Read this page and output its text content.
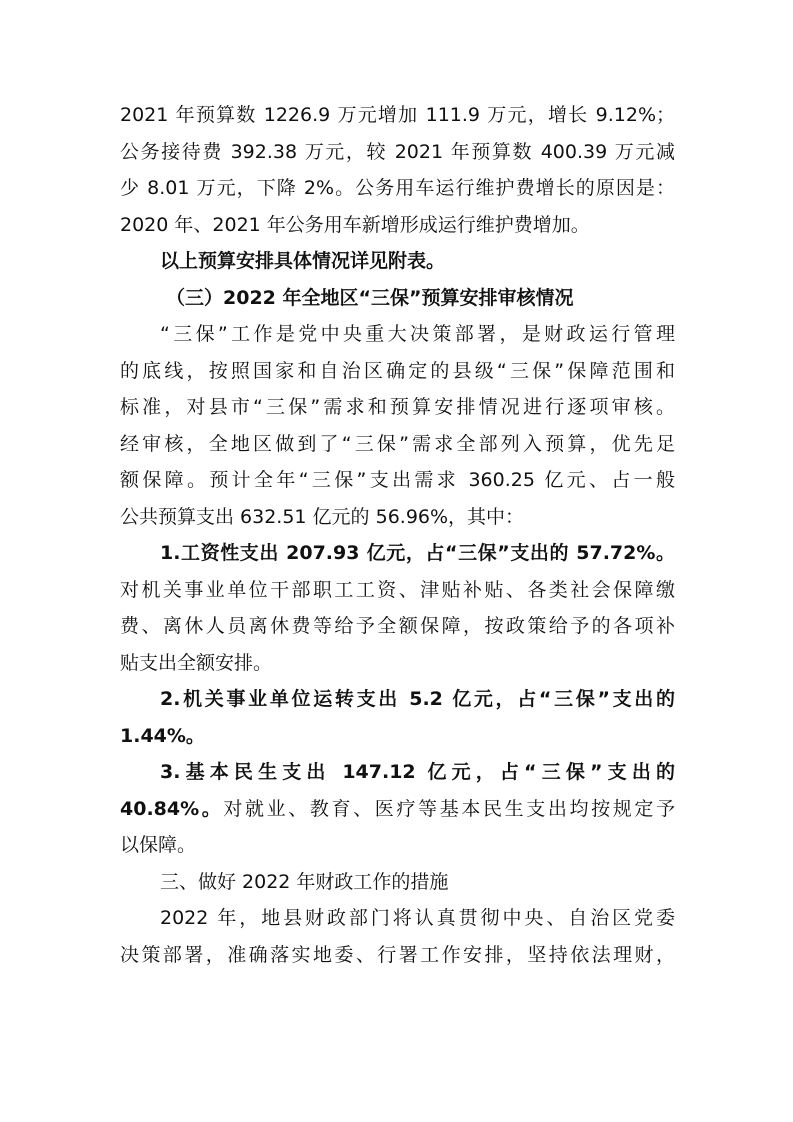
2021 年预算数 1226.9 万元增加 111.9 万元，增长 9.12%；
公务接待费 392.38 万元，较 2021 年预算数 400.39 万元减
少 8.01 万元，下降 2%。公务用车运行维护费增长的原因是：
2020 年、2021 年公务用车新增形成运行维护费增加。
以上预算安排具体情况详见附表。
（三）2022 年全地区“三保”预算安排审核情况
“三保”工作是党中央重大决策部署，是财政运行管理
的底线，按照国家和自治区确定的县级“三保”保障范围和
标准，对县市“三保”需求和预算安排情况进行逐项审核。
经审核，全地区做到了“三保”需求全部列入预算，优先足
额保障。预计全年“三保”支出需求 360.25 亿元、占一般
公共预算支出 632.51 亿元的 56.96%，其中：
1.工资性支出 207.93 亿元，占“三保”支出的 57.72%。
对机关事业单位干部职工工资、津贴补贴、各类社会保障缴
费、离休人员离休费等给予全额保障，按政策给予的各项补
贴支出全额安排。
2.机关事业单位运转支出 5.2 亿元，占“三保”支出的
1.44%。
3.基本民生支出 147.12 亿元，占“三保”支出的
40.84%。对就业、教育、医疗等基本民生支出均按规定予
以保障。
三、做好 2022 年财政工作的措施
2022 年，地县财政部门将认真贯彻中央、自治区党委
决策部署，准确落实地委、行署工作安排，坚持依法理财，
